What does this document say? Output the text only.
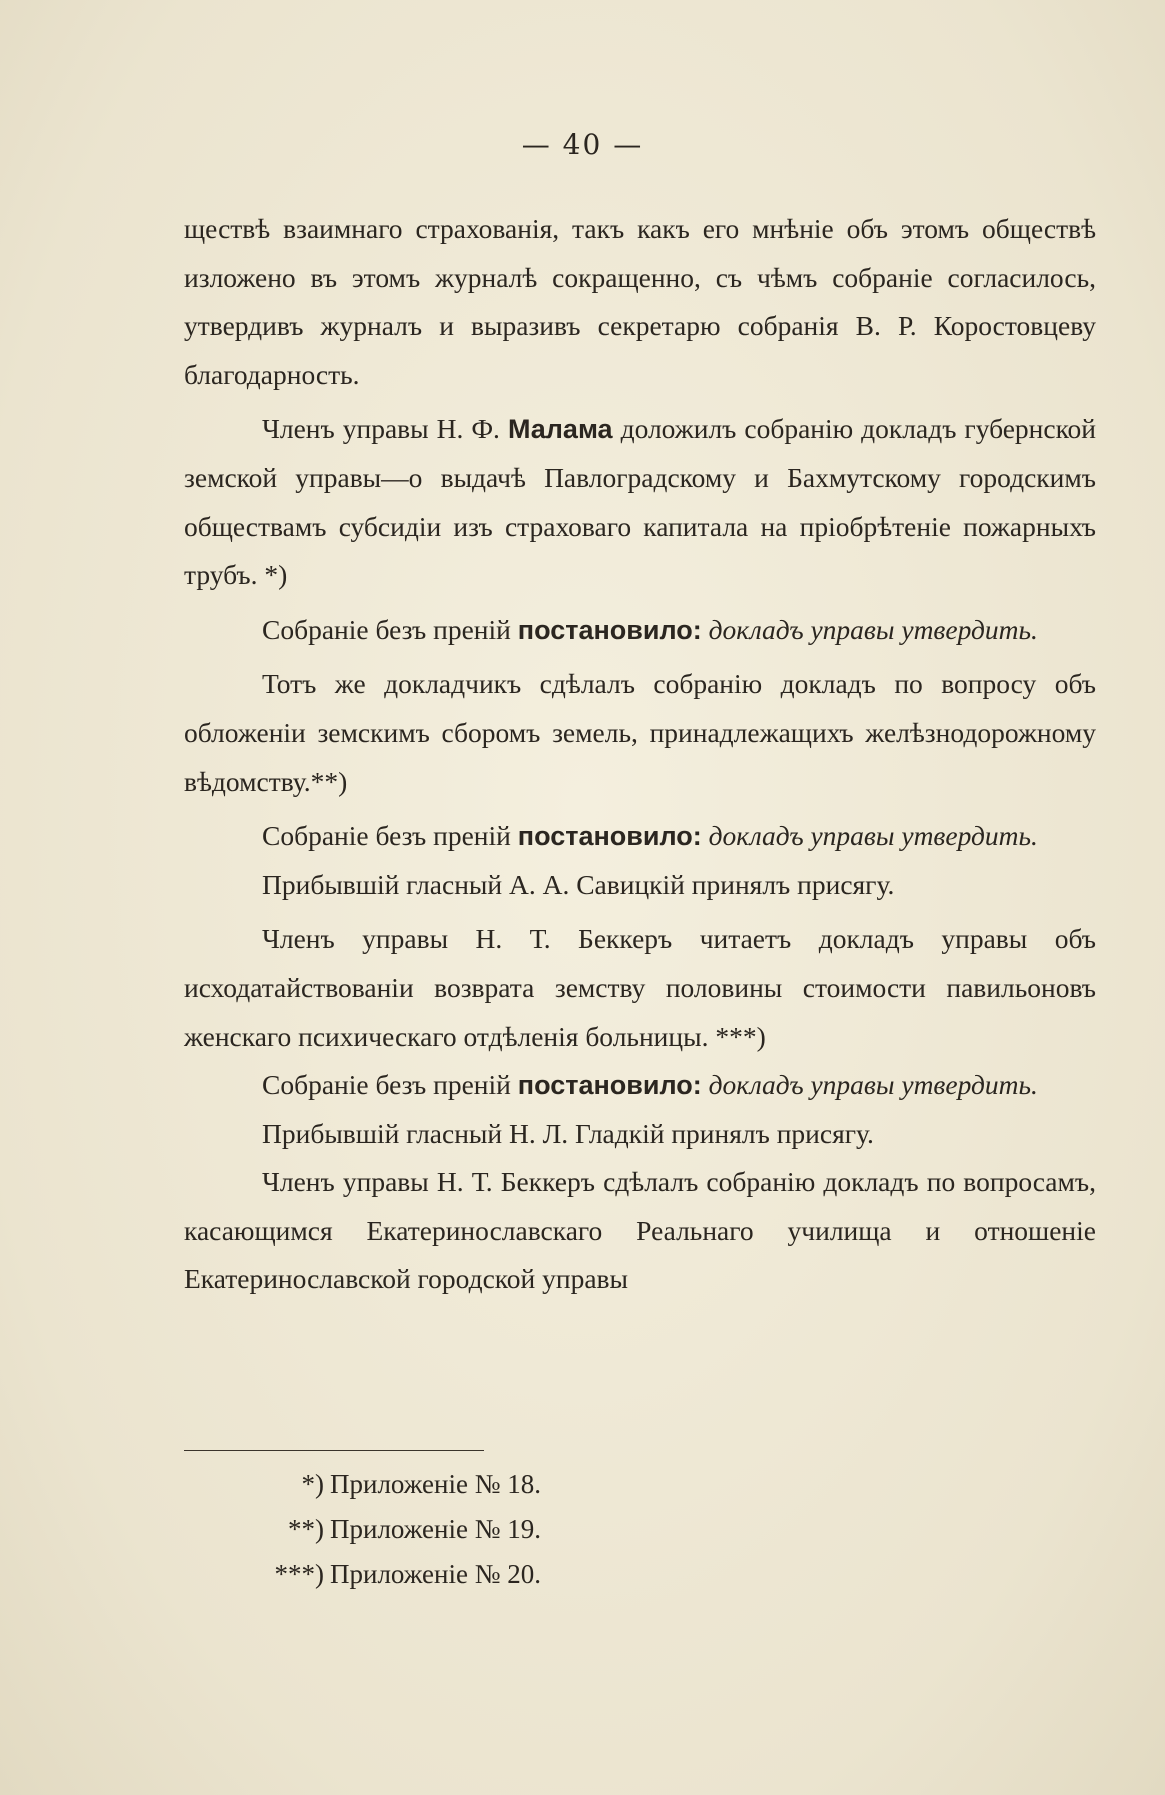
— 40 —

ществѣ взаимнаго страхованія, такъ какъ его мнѣніе объ этомъ обществѣ изложено въ этомъ журналѣ сокращенно, съ чѣмъ собраніе согласилось, утвердивъ журналъ и выразивъ секретарю собранія В. Р. Коростовцеву благодарность.

Членъ управы Н. Ф. Малама доложилъ собранію докладъ губернской земской управы—о выдачѣ Павлоградскому и Бахмутскому городскимъ обществамъ субсидіи изъ страховаго капитала на пріобрѣтеніе пожарныхъ трубъ. *)

Собраніе безъ преній постановило: докладъ управы утвердить.

Тотъ же докладчикъ сдѣлалъ собранію докладъ по вопросу объ обложеніи земскимъ сборомъ земель, принадлежащихъ желѣзнодорожному вѣдомству.**)

Собраніе безъ преній постановило: докладъ управы утвердить.

Прибывшій гласный А. А. Савицкій принялъ присягу.

Членъ управы Н. Т. Беккеръ читаетъ докладъ управы объ исходатайствованіи возврата земству половины стоимости павильоновъ женскаго психическаго отдѣленія больницы. ***)

Собраніе безъ преній постановило: докладъ управы утвердить.

Прибывшій гласный Н. Л. Гладкій принялъ присягу.

Членъ управы Н. Т. Беккеръ сдѣлалъ собранію докладъ по вопросамъ, касающимся Екатеринославскаго Реальнаго училища и отношеніе Екатеринославской городской управы

*) Приложеніе № 18.
**) Приложеніе № 19.
***) Приложеніе № 20.
